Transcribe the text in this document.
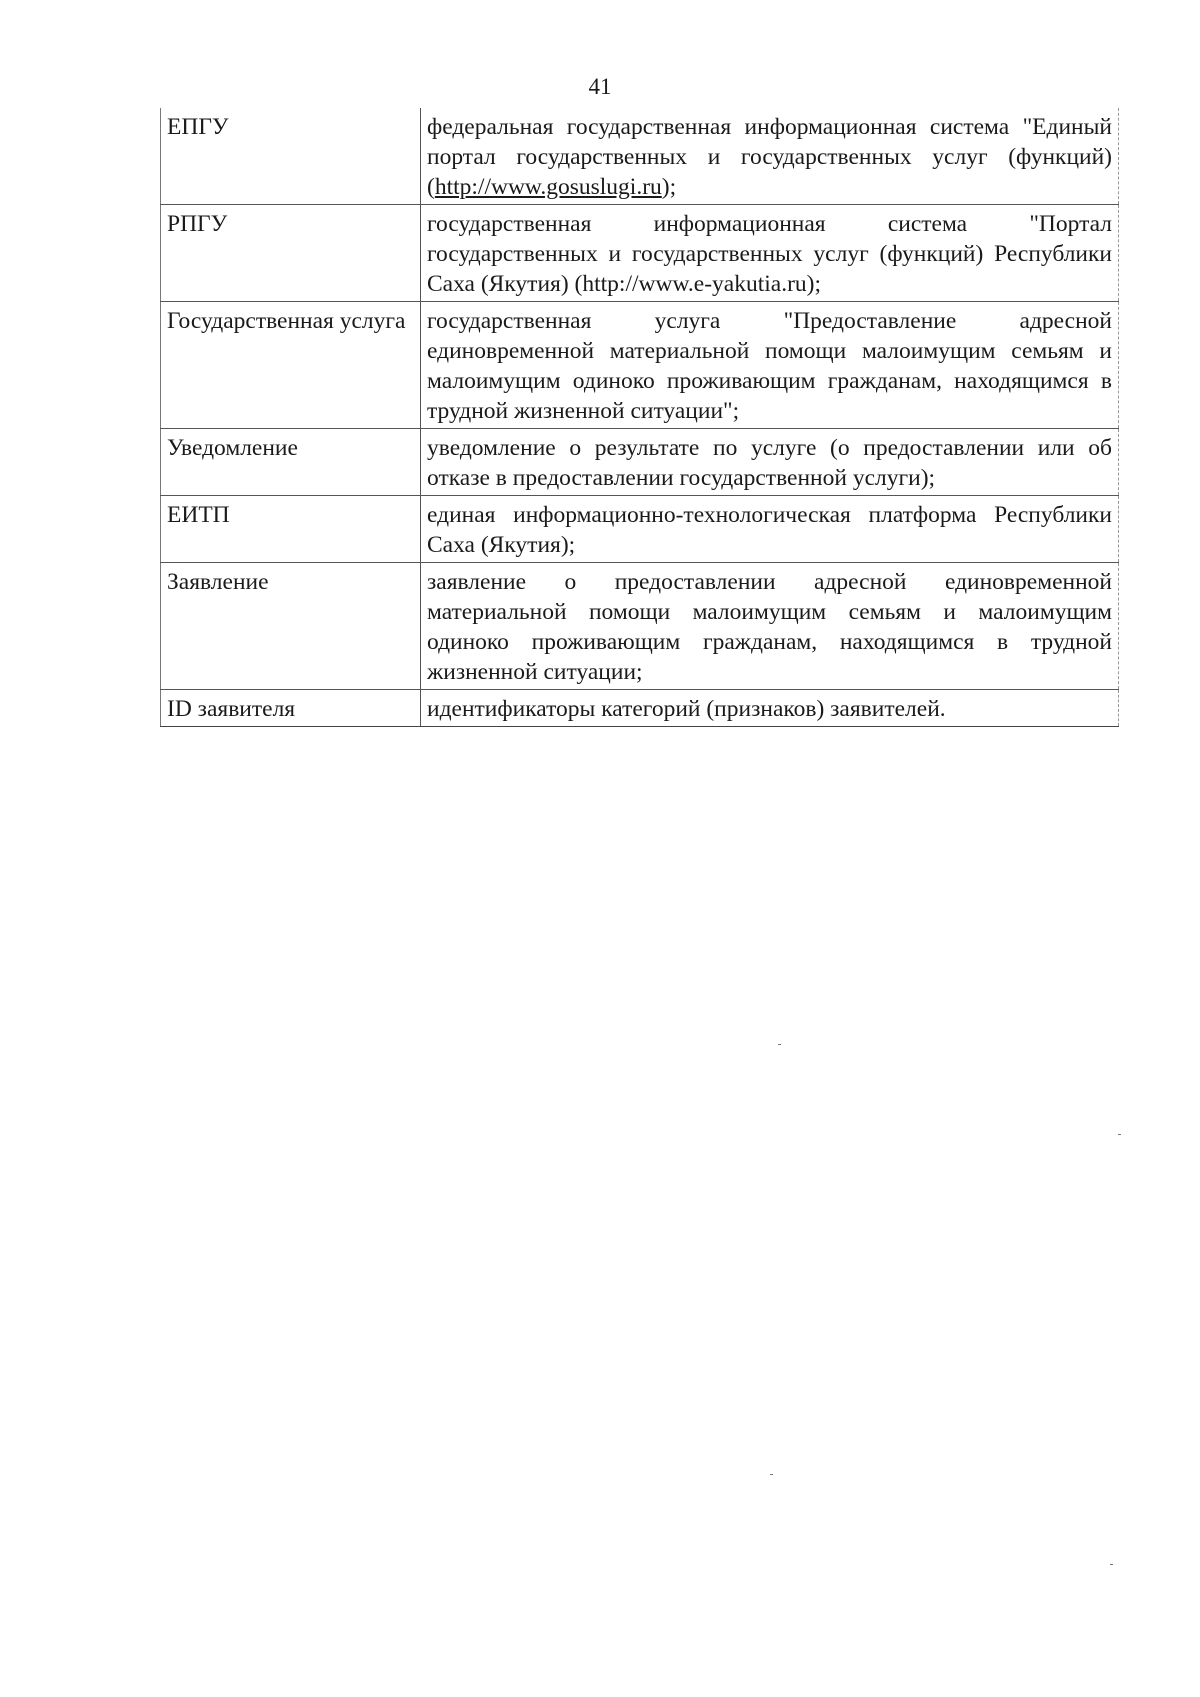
41
ЕПГУ	федеральная государственная информационная система "Единый портал государственных и государственных услуг (функций) (http://www.gosuslugi.ru);
РПГУ	государственная информационная система "Портал государственных и государственных услуг (функций) Республики Саха (Якутия) (http://www.e-yakutia.ru);
Государственная услуга	государственная услуга "Предоставление адресной единовременной материальной помощи малоимущим семьям и малоимущим одиноко проживающим гражданам, находящимся в трудной жизненной ситуации";
Уведомление	уведомление о результате по услуге (о предоставлении или об отказе в предоставлении государственной услуги);
ЕИТП	единая информационно-технологическая платформа Республики Саха (Якутия);
Заявление	заявление о предоставлении адресной единовременной материальной помощи малоимущим семьям и малоимущим одиноко проживающим гражданам, находящимся в трудной жизненной ситуации;
ID заявителя	идентификаторы категорий (признаков) заявителей.
